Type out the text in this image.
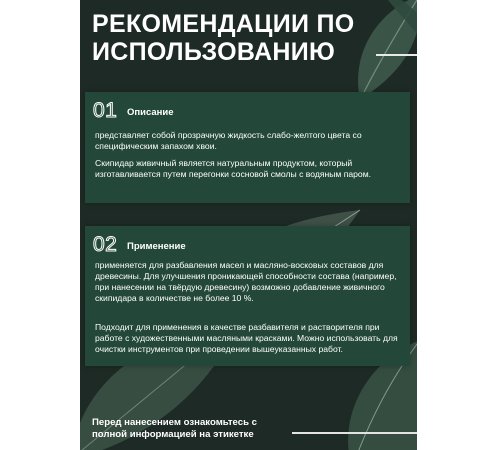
РЕКОМЕНДАЦИИ ПО
ИСПОЛЬЗОВАНИЮ
01	Описание

представляет собой прозрачную жидкость слабо-желтого цвета со специфическим запахом хвои.

Скипидар живичный является натуральным продуктом, который изготавливается путем перегонки сосновой смолы с водяным паром.

02	Применение

применяется для разбавления масел и масляно-восковых составов для древесины. Для улучшения проникающей способности состава (например, при нанесении на твёрдую древесину) возможно добавление живичного скипидара в количестве не более 10 %.

Подходит для применения в качестве разбавителя и растворителя при работе с художественными масляными красками. Можно использовать для очистки инструментов при проведении вышеуказанных работ.

Перед нанесением ознакомьтесь с
полной информацией на этикетке
